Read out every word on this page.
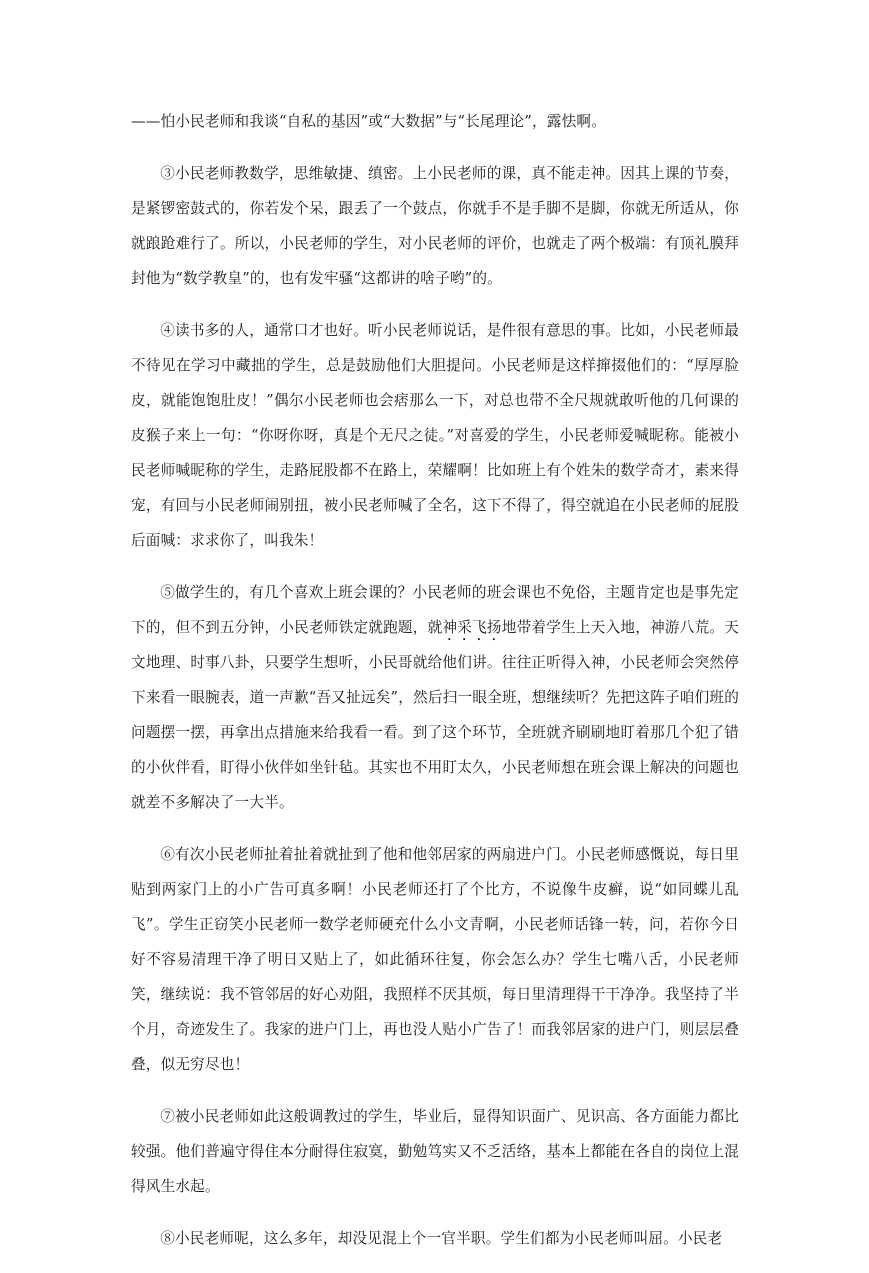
——怕小民老师和我谈“自私的基因”或“大数据”与“长尾理论”，露怯啊。

③小民老师教数学，思维敏捷、缜密。上小民老师的课，真不能走神。因其上课的节奏，是紧锣密鼓式的，你若发个呆，跟丢了一个鼓点，你就手不是手脚不是脚，你就无所适从，你就踉跄难行了。所以，小民老师的学生，对小民老师的评价，也就走了两个极端：有顶礼膜拜封他为“数学教皇”的，也有发牢骚“这都讲的啥子哟”的。

④读书多的人，通常口才也好。听小民老师说话，是件很有意思的事。比如，小民老师最不待见在学习中藏拙的学生，总是鼓励他们大胆提问。小民老师是这样撺掇他们的：“厚厚脸皮，就能饱饱肚皮！”偶尔小民老师也会痞那么一下，对总也带不全尺规就敢听他的几何课的皮猴子来上一句：“你呀你呀，真是个无尺之徒。”对喜爱的学生，小民老师爱喊昵称。能被小民老师喊昵称的学生，走路屁股都不在路上，荣耀啊！比如班上有个姓朱的数学奇才，素来得宠，有回与小民老师闹别扭，被小民老师喊了全名，这下不得了，得空就追在小民老师的屁股后面喊：求求你了，叫我朱！

⑤做学生的，有几个喜欢上班会课的？小民老师的班会课也不免俗，主题肯定也是事先定下的，但不到五分钟，小民老师铁定就跑题，就神采飞扬地带着学生上天入地，神游八荒。天文地理、时事八卦，只要学生想听，小民哥就给他们讲。往往正听得入神，小民老师会突然停下来看一眼腕表，道一声歉“吾又扯远矣”，然后扫一眼全班，想继续听？先把这阵子咱们班的问题摆一摆，再拿出点措施来给我看一看。到了这个环节，全班就齐刷刷地盯着那几个犯了错的小伙伴看，盯得小伙伴如坐针毡。其实也不用盯太久，小民老师想在班会课上解决的问题也就差不多解决了一大半。

⑥有次小民老师扯着扯着就扯到了他和他邻居家的两扇进户门。小民老师感慨说，每日里贴到两家门上的小广告可真多啊！小民老师还打了个比方，不说像牛皮癣，说“如同蝶儿乱飞”。学生正窃笑小民老师一数学老师硬充什么小文青啊，小民老师话锋一转，问，若你今日好不容易清理干净了明日又贴上了，如此循环往复，你会怎么办？学生七嘴八舌，小民老师笑，继续说：我不管邻居的好心劝阻，我照样不厌其烦，每日里清理得干干净净。我坚持了半个月，奇迹发生了。我家的进户门上，再也没人贴小广告了！而我邻居家的进户门，则层层叠叠，似无穷尽也！

⑦被小民老师如此这般调教过的学生，毕业后，显得知识面广、见识高、各方面能力都比较强。他们普遍守得住本分耐得住寂寞，勤勉笃实又不乏活络，基本上都能在各自的岗位上混得风生水起。

⑧小民老师呢，这么多年，却没见混上个一官半职。学生们都为小民老师叫屈。小民老
